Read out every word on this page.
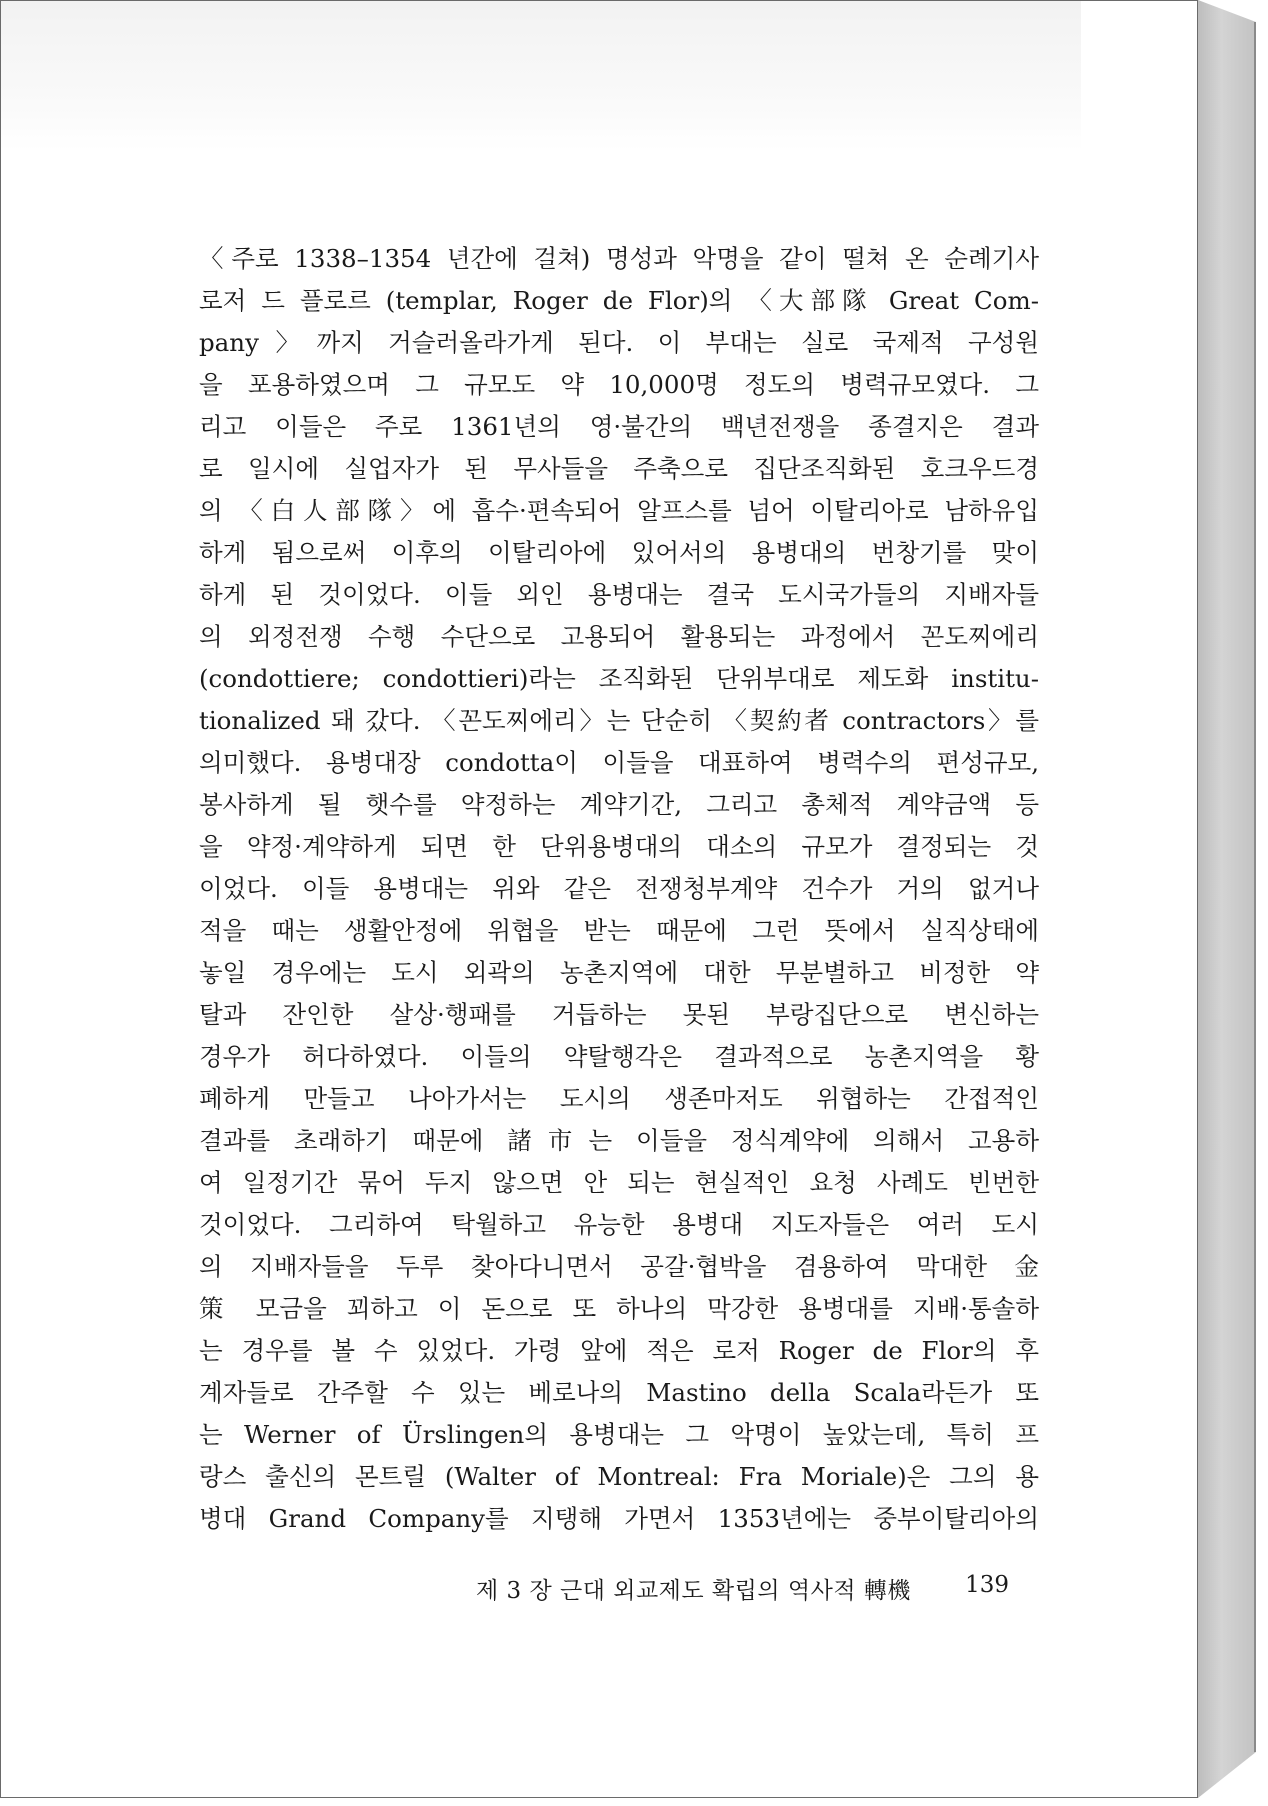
〈주로 1338–1354 년간에 걸쳐) 명성과 악명을 같이 떨쳐 온 순례기사
로저 드 플로르 (templar, Roger de Flor)의 〈大部隊 Great Com-
pany〉까지 거슬러올라가게 된다. 이 부대는 실로 국제적 구성원
을 포용하였으며 그 규모도 약 10,000명 정도의 병력규모였다. 그
리고 이들은 주로 1361년의 영·불간의 백년전쟁을 종결지은 결과
로 일시에 실업자가 된 무사들을 주축으로 집단조직화된 호크우드경
의 〈白人部隊〉에 흡수·편속되어 알프스를 넘어 이탈리아로 남하유입
하게 됨으로써 이후의 이탈리아에 있어서의 용병대의 번창기를 맞이
하게 된 것이었다. 이들 외인 용병대는 결국 도시국가들의 지배자들
의 외정전쟁 수행 수단으로 고용되어 활용되는 과정에서 꼰도찌에리
(condottiere; condottieri)라는 조직화된 단위부대로 제도화 institu-
tionalized 돼 갔다. 〈꼰도찌에리〉는 단순히 〈契約者 contractors〉를
의미했다. 용병대장 condotta이 이들을 대표하여 병력수의 편성규모,
봉사하게 될 햇수를 약정하는 계약기간, 그리고 총체적 계약금액 등
을 약정·계약하게 되면 한 단위용병대의 대소의 규모가 결정되는 것
이었다. 이들 용병대는 위와 같은 전쟁청부계약 건수가 거의 없거나
적을 때는 생활안정에 위협을 받는 때문에 그런 뜻에서 실직상태에
놓일 경우에는 도시 외곽의 농촌지역에 대한 무분별하고 비정한 약
탈과 잔인한 살상·행패를 거듭하는 못된 부랑집단으로 변신하는
경우가 허다하였다. 이들의 약탈행각은 결과적으로 농촌지역을 황
폐하게 만들고 나아가서는 도시의 생존마저도 위협하는 간접적인
결과를 초래하기 때문에 諸市는 이들을 정식계약에 의해서 고용하
여 일정기간 묶어 두지 않으면 안 되는 현실적인 요청 사례도 빈번한
것이었다. 그리하여 탁월하고 유능한 용병대 지도자들은 여러 도시
의 지배자들을 두루 찾아다니면서 공갈·협박을 겸용하여 막대한 金
策 모금을 꾀하고 이 돈으로 또 하나의 막강한 용병대를 지배·통솔하
는 경우를 볼 수 있었다. 가령 앞에 적은 로저 Roger de Flor의 후
계자들로 간주할 수 있는 베로나의 Mastino della Scala라든가 또
는 Werner of Ürslingen의 용병대는 그 악명이 높았는데, 특히 프
랑스 출신의 몬트릴 (Walter of Montreal: Fra Moriale)은 그의 용
병대 Grand Company를 지탱해 가면서 1353년에는 중부이탈리아의
제 3 장 근대 외교제도 확립의 역사적 轉機 139
